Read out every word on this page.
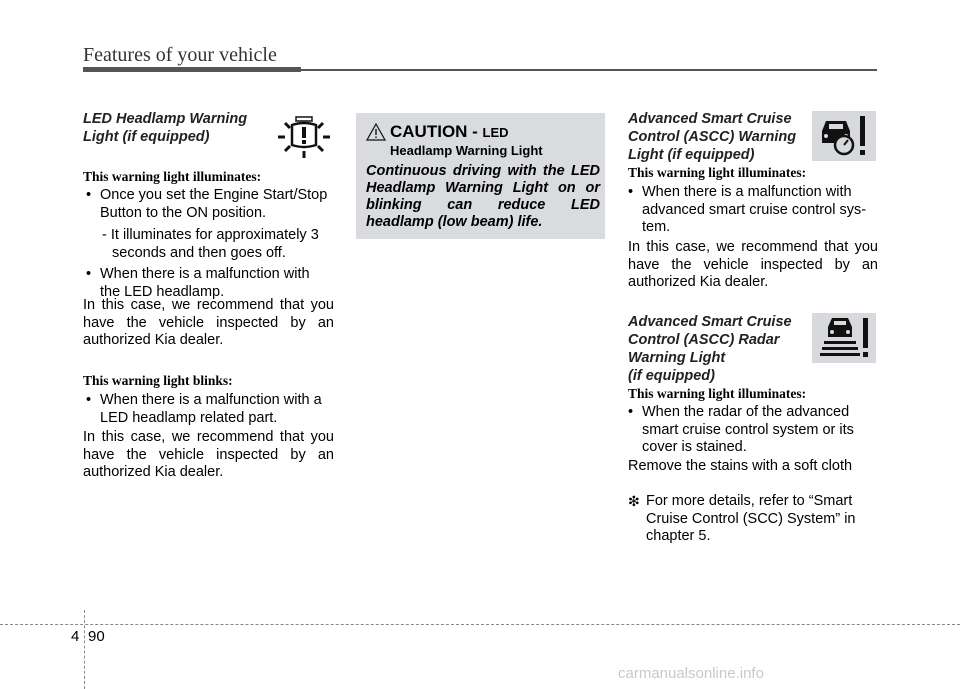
Features of your vehicle
LED Headlamp Warning
Light (if equipped)
This warning light illuminates:
• Once you set the Engine Start/Stop
Button to the ON position.
- It illuminates for approximately 3
seconds and then goes off.
• When there is a malfunction with
the LED headlamp.
In this case, we recommend that you have the vehicle inspected by an authorized Kia dealer.
This warning light blinks:
• When there is a malfunction with a
LED headlamp related part.
In this case, we recommend that you have the vehicle inspected by an authorized Kia dealer.
CAUTION - LED
Headlamp Warning Light
Continuous driving with the LED Headlamp Warning Light on or blinking can reduce LED headlamp (low beam) life.
Advanced Smart Cruise
Control (ASCC) Warning
Light (if equipped)
This warning light illuminates:
• When there is a malfunction with
advanced smart cruise control sys-
tem.
In this case, we recommend that you have the vehicle inspected by an authorized Kia dealer.
Advanced Smart Cruise
Control (ASCC) Radar
Warning Light
(if equipped)
This warning light illuminates:
• When the radar of the advanced
smart cruise control system or its
cover is stained.
Remove the stains with a soft cloth
❇ For more details, refer to “Smart
Cruise Control (SCC) System” in
chapter 5.
4 90
carmanualsonline.info
